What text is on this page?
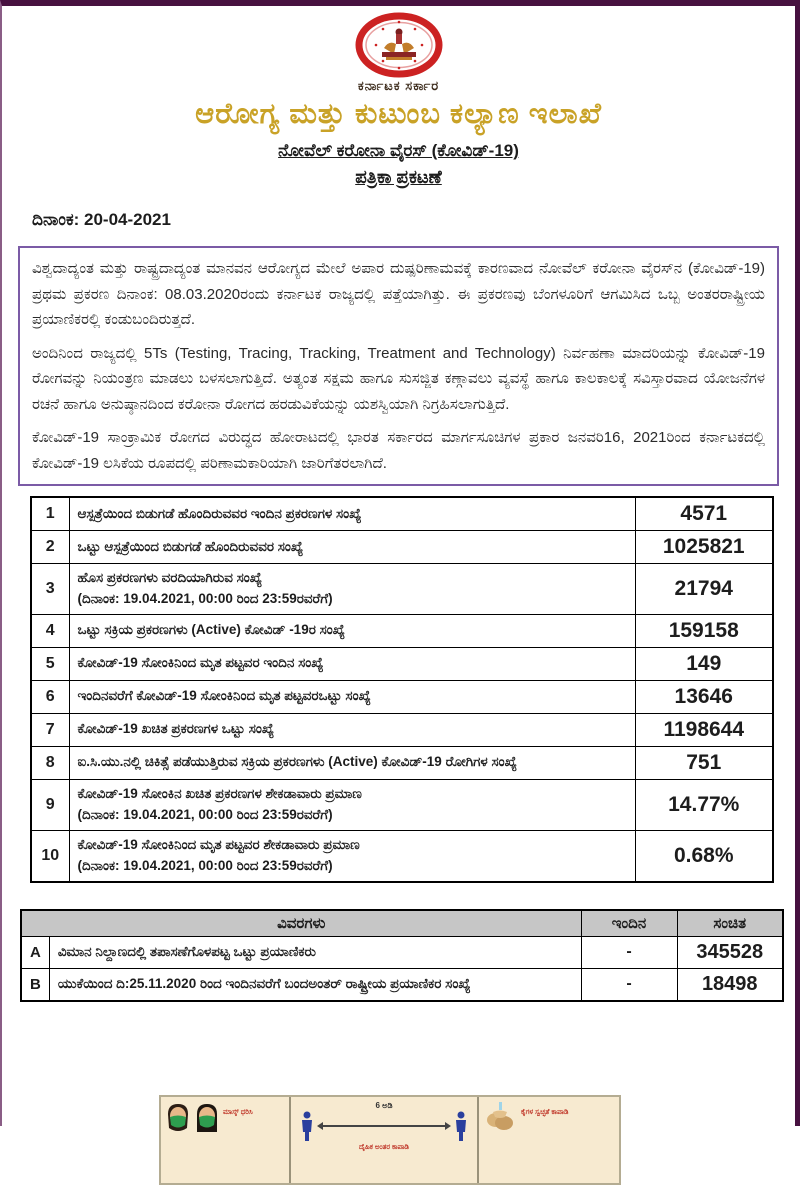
ಕರ್ನಾಟಕ ಸರ್ಕಾರ
ಆರೋಗ್ಯ ಮತ್ತು ಕುಟುಂಬ ಕಲ್ಯಾಣ ಇಲಾಖೆ
ನೋವೆಲ್ ಕರೋನಾ ವೈರಸ್ (ಕೋವಿಡ್-19)
ಪತ್ರಿಕಾ ಪ್ರಕಟಣೆ
ದಿನಾಂಕ: 20-04-2021

ವಿಶ್ವದಾದ್ಯಂತ ಮತ್ತು ರಾಷ್ಟ್ರದಾದ್ಯಂತ ಮಾನವನ ಆರೋಗ್ಯದ ಮೇಲೆ ಅಪಾರ ದುಷ್ಪರಿಣಾಮವಕ್ಕೆ ಕಾರಣವಾದ ನೋವೆಲ್ ಕರೋನಾ ವೈರಸ್‌ನ (ಕೋವಿಡ್-19) ಪ್ರಥಮ ಪ್ರಕರಣ ದಿನಾಂಕ: 08.03.2020ರಂದು ಕರ್ನಾಟಕ ರಾಜ್ಯದಲ್ಲಿ ಪತ್ತೆಯಾಗಿತ್ತು. ಈ ಪ್ರಕರಣವು ಬೆಂಗಳೂರಿಗೆ ಆಗಮಿಸಿದ ಒಬ್ಬ ಅಂತರರಾಷ್ಟ್ರೀಯ ಪ್ರಯಾಣಿಕರಲ್ಲಿ ಕಂಡುಬಂದಿರುತ್ತದೆ.

ಅಂದಿನಿಂದ ರಾಜ್ಯದಲ್ಲಿ 5Ts (Testing, Tracing, Tracking, Treatment and Technology) ನಿರ್ವಹಣಾ ಮಾದರಿಯನ್ನು ಕೋವಿಡ್-19 ರೋಗವನ್ನು ನಿಯಂತ್ರಣ ಮಾಡಲು ಬಳಸಲಾಗುತ್ತಿದೆ. ಅತ್ಯಂತ ಸಕ್ಷಮ ಹಾಗೂ ಸುಸಜ್ಜಿತ ಕಣ್ಗಾವಲು ವ್ಯವಸ್ಥೆ ಹಾಗೂ ಕಾಲಕಾಲಕ್ಕೆ ಸವಿಸ್ತಾರವಾದ ಯೋಜನೆಗಳ ರಚನೆ ಹಾಗೂ ಅನುಷ್ಠಾನದಿಂದ ಕರೋನಾ ರೋಗದ ಹರಡುವಿಕೆಯನ್ನು ಯಶಸ್ವಿಯಾಗಿ ನಿಗ್ರಹಿಸಲಾಗುತ್ತಿದೆ.

ಕೋವಿಡ್-19 ಸಾಂಕ್ರಾಮಿಕ ರೋಗದ ವಿರುದ್ಧದ ಹೋರಾಟದಲ್ಲಿ ಭಾರತ ಸರ್ಕಾರದ ಮಾರ್ಗಸೂಚಿಗಳ ಪ್ರಕಾರ ಜನವರಿ16, 2021ರಿಂದ ಕರ್ನಾಟಕದಲ್ಲಿ ಕೋವಿಡ್-19 ಲಸಿಕೆಯ ರೂಪದಲ್ಲಿ ಪರಿಣಾಮಕಾರಿಯಾಗಿ ಜಾರಿಗೆತರಲಾಗಿದೆ.

1	ಆಸ್ಪತ್ರೆಯಿಂದ ಬಿಡುಗಡೆ ಹೊಂದಿರುವವರ ಇಂದಿನ ಪ್ರಕರಣಗಳ ಸಂಖ್ಯೆ	4571
2	ಒಟ್ಟು ಆಸ್ಪತ್ರೆಯಿಂದ ಬಿಡುಗಡೆ ಹೊಂದಿರುವವರ ಸಂಖ್ಯೆ	1025821
3	ಹೊಸ ಪ್ರಕರಣಗಳು ವರದಿಯಾಗಿರುವ ಸಂಖ್ಯೆ
(ದಿನಾಂಕ: 19.04.2021, 00:00 ರಿಂದ 23:59ರವರೆಗೆ)	21794
4	ಒಟ್ಟು ಸಕ್ರಿಯ ಪ್ರಕರಣಗಳು (Active) ಕೋವಿಡ್ -19ರ ಸಂಖ್ಯೆ	159158
5	ಕೋವಿಡ್-19 ಸೋಂಕಿನಿಂದ ಮೃತ ಪಟ್ಟವರ ಇಂದಿನ ಸಂಖ್ಯೆ	149
6	ಇಂದಿನವರೆಗೆ ಕೋವಿಡ್-19 ಸೋಂಕಿನಿಂದ ಮೃತ ಪಟ್ಟವರಒಟ್ಟು ಸಂಖ್ಯೆ	13646
7	ಕೋವಿಡ್-19 ಖಚಿತ ಪ್ರಕರಣಗಳ ಒಟ್ಟು ಸಂಖ್ಯೆ	1198644
8	ಐ.ಸಿ.ಯು.ನಲ್ಲಿ ಚಿಕಿತ್ಸೆ ಪಡೆಯುತ್ತಿರುವ ಸಕ್ರಿಯ ಪ್ರಕರಣಗಳು (Active) ಕೋವಿಡ್-19 ರೋಗಿಗಳ ಸಂಖ್ಯೆ	751
9	ಕೋವಿಡ್-19 ಸೋಂಕಿನ ಖಚಿತ ಪ್ರಕರಣಗಳ ಶೇಕಡಾವಾರು ಪ್ರಮಾಣ
(ದಿನಾಂಕ: 19.04.2021, 00:00 ರಿಂದ 23:59ರವರೆಗೆ)	14.77%
10	ಕೋವಿಡ್-19 ಸೋಂಕಿನಿಂದ ಮೃತ ಪಟ್ಟವರ ಶೇಕಡಾವಾರು ಪ್ರಮಾಣ
(ದಿನಾಂಕ: 19.04.2021, 00:00 ರಿಂದ 23:59ರವರೆಗೆ)	0.68%
ವಿವರಗಳು		ಇಂದಿನ	ಸಂಚಿತ
A	ವಿಮಾನ ನಿಲ್ದಾಣದಲ್ಲಿ ತಪಾಸಣೆಗೊಳಪಟ್ಟ ಒಟ್ಟು ಪ್ರಯಾಣಿಕರು	-	345528
B	ಯುಕೆಯಿಂದ ದಿ:25.11.2020 ರಿಂದ ಇಂದಿನವರೆಗೆ ಬಂದಅಂತರ್ ರಾಷ್ಟ್ರೀಯ ಪ್ರಯಾಣಿಕರ ಸಂಖ್ಯೆ	-	18498
ಮಾಸ್ಕ್ ಧರಿಸಿ
6 ಅಡಿ
ದೈಹಿಕ ಅಂತರ ಕಾಪಾಡಿ
ಕೈಗಳ ಸ್ವಚ್ಛತೆ ಕಾಪಾಡಿ
